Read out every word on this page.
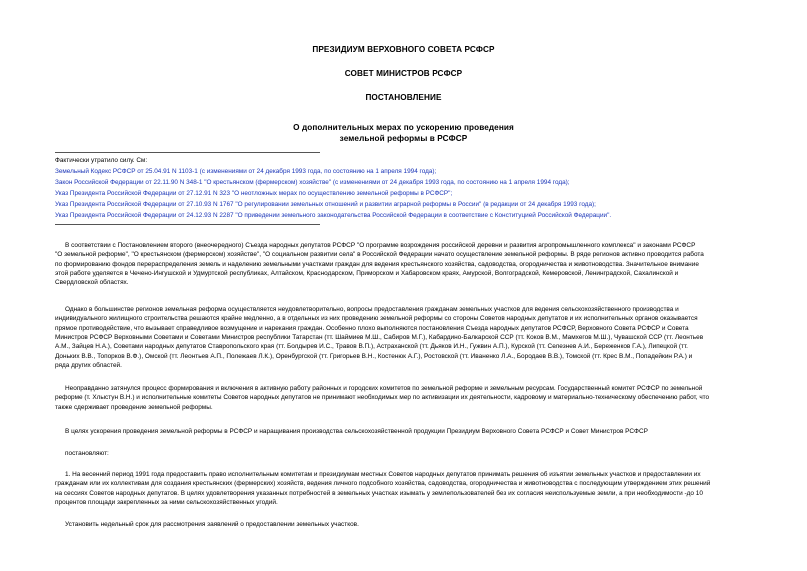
ПРЕЗИДИУМ ВЕРХОВНОГО СОВЕТА РСФСР
СОВЕТ МИНИСТРОВ РСФСР
ПОСТАНОВЛЕНИЕ
О дополнительных мерах по ускорению проведения
земельной реформы в РСФСР
Фактически утратило силу. См:
Земельный Кодекс РСФСР от 25.04.91 N 1103-1 (с изменениями от 24 декабря 1993 года, по состоянию на 1 апреля 1994 года);
Закон Российской Федерации от 22.11.90 N 348-1 "О крестьянском (фермерском) хозяйстве" (с изменениями от 24 декабря 1993 года, по состоянию на 1 апреля 1994 года);
Указ Президента Российской Федерации от 27.12.91 N 323 "О неотложных мерах по осуществлению земельной реформы в РСФСР";
Указ Президента Российской Федерации от 27.10.93 N 1767 "О регулировании земельных отношений и развитии аграрной реформы в России" (в редакции от 24 декабря 1993 года);
Указ Президента Российской Федерации от 24.12.93 N 2287 "О приведении земельного законодательства Российской Федерации в соответствие с Конституцией Российской Федерации".
В соответствии с Постановлением второго (внеочередного) Съезда народных депутатов РСФСР "О программе возрождения российской деревни и развития агропромышленного комплекса" и законами РСФСР
"О земельной реформе", "О крестьянском (фермерском) хозяйстве", "О социальном развитии села" в Российской Федерации начато осуществление земельной реформы. В ряде регионов активно проводится работа
по формированию фондов перераспределения земель и наделению земельными участками граждан для ведения крестьянского хозяйства, садоводства, огородничества и животноводства. Значительное внимание
этой работе уделяется в Чечено-Ингушской и Удмуртской республиках, Алтайском, Краснодарском, Приморском и Хабаровском краях, Амурской, Волгоградской, Кемеровской, Ленинградской, Сахалинской и
Свердловской областях.
Однако в большинстве регионов земельная реформа осуществляется неудовлетворительно, вопросы предоставления гражданам земельных участков для ведения сельскохозяйственного производства и
индивидуального жилищного строительства решаются крайне медленно, а в отдельных из них проведению земельной реформы со стороны Советов народных депутатов и их исполнительных органов оказывается
прямое противодействие, что вызывает справедливое возмущение и нарекания граждан. Особенно плохо выполняются постановления Съезда народных депутатов РСФСР, Верховного Совета РСФСР и Совета
Министров РСФСР Верховными Советами и Советами Министров республики Татарстан (тт. Шаймиев М.Ш., Сабиров М.Г.), Кабардино-Балкарской ССР (тт. Коков В.М., Мамхегов М.Ш.), Чувашской ССР (тт. Леонтьев
А.М., Зайцев Н.А.), Советами народных депутатов Ставропольского края (тт. Болдырев И.С., Травов В.П.), Астраханской (тт. Дьяков И.Н., Гужвин А.П.), Курской (тт. Селезнев А.И., Береженков Г.А.), Липецкой (тт.
Доньких В.В., Топорков В.Ф.), Омской (тт. Леонтьев А.П., Полежаев Л.К.), Оренбургской (тт. Григорьев В.Н., Костенюк А.Г.), Ростовской (тт. Иваненко Л.А., Бородаев В.В.), Томской (тт. Крес В.М., Попадейкин Р.А.) и
ряда других областей.
Неоправданно затянулся процесс формирования и включения в активную работу районных и городских комитетов по земельной реформе и земельным ресурсам. Государственный комитет РСФСР по земельной
реформе (т. Хлыстун В.Н.) и исполнительные комитеты Советов народных депутатов не принимают необходимых мер по активизации их деятельности, кадровому и материально-техническому обеспечению работ, что
также сдерживает проведение земельной реформы.
В целях ускорения проведения земельной реформы в РСФСР и наращивания производства сельскохозяйственной продукции Президиум Верховного Совета РСФСР и Совет Министров РСФСР
постановляют:
1. На весенний период 1991 года предоставить право исполнительным комитетам и президиумам местных Советов народных депутатов принимать решения об изъятии земельных участков и предоставлении их
гражданам или их коллективам для создания крестьянских (фермерских) хозяйств, ведения личного подсобного хозяйства, садоводства, огородничества и животноводства с последующим утверждением этих решений
на сессиях Советов народных депутатов. В целях удовлетворения указанных потребностей в земельных участках изымать у землепользователей без их согласия неиспользуемые земли, а при необходимости -до 10
процентов площади закрепленных за ними сельскохозяйственных угодий.
Установить недельный срок для рассмотрения заявлений о предоставлении земельных участков.
